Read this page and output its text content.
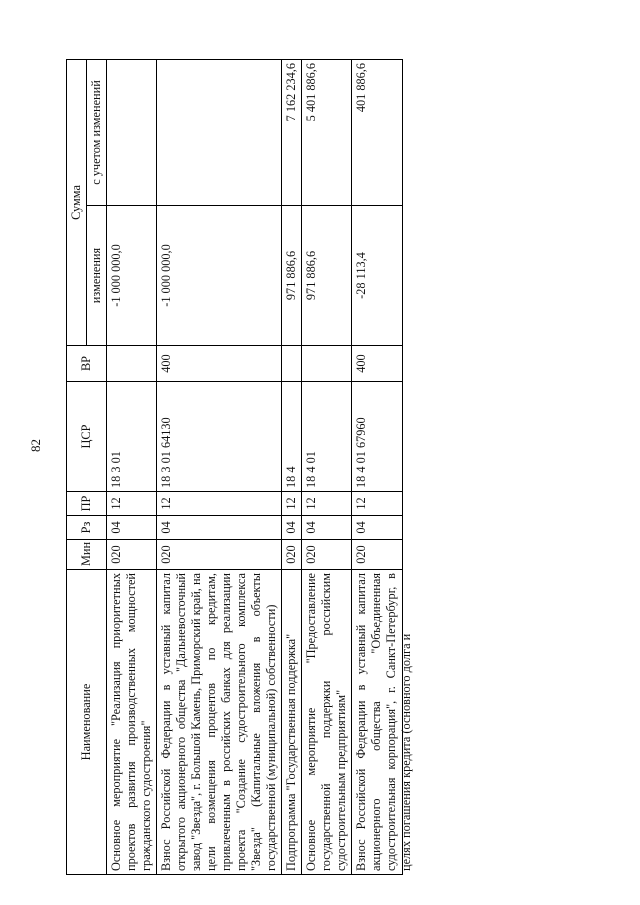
82
Наименование	Мин	Рз	ПР	ЦСР	ВР	Сумма	
						изменения	с учетом изменений
Основное мероприятие "Реализация приоритетных проектов развития производственных мощностей гражданского судостроения"	020	04	12	18 3 01		-1 000 000,0	
Взнос Российской Федерации в уставный капитал открытого акционерного общества "Дальневосточный завод "Звезда", г. Большой Камень, Приморский край, на цели возмещения процентов по кредитам, привлеченным в российских банках для реализации проекта "Создание судостроительного комплекса "Звезда" (Капитальные вложения в объекты государственной (муниципальной) собственности)	020	04	12	18 3 01 64130	400	-1 000 000,0	
Подпрограмма "Государственная поддержка"	020	04	12	18 4		971 886,6	7 162 234,6
Основное мероприятие "Предоставление государственной поддержки российским судостроительным предприятиям"	020	04	12	18 4 01		971 886,6	5 401 886,6

Взнос Российской Федерации в уставный капитал акционерного общества "Объединенная судостроительная корпорация", г. Санкт-Петербург, в целях погашения кредита (основного долга и	020	04	12	18 4 01 67960	400	-28 113,4	401 886,6
